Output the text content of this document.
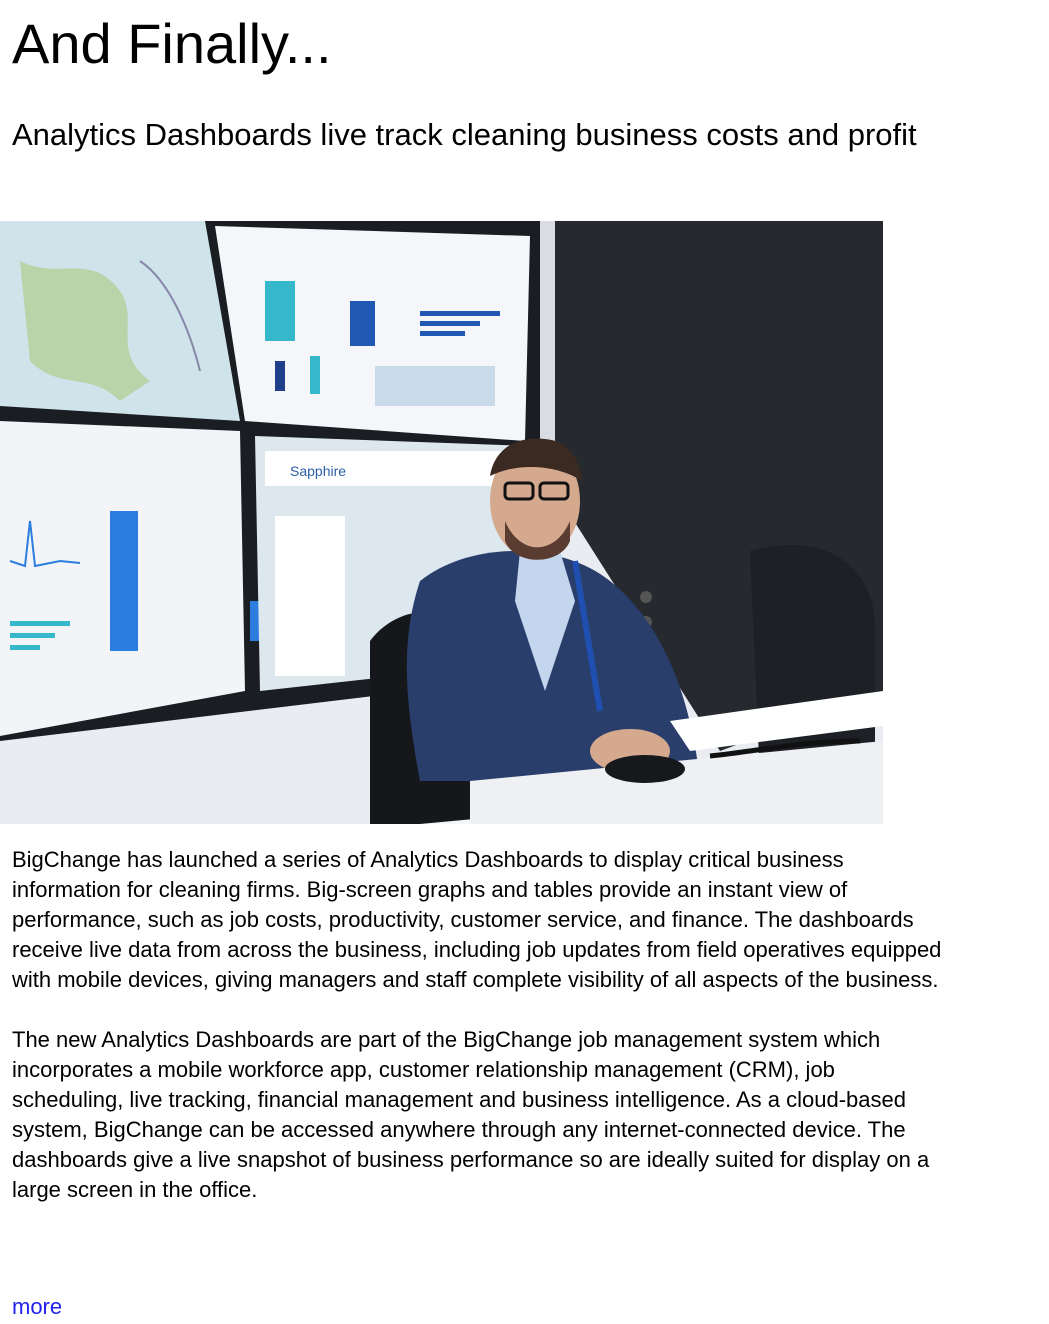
And Finally...
Analytics Dashboards live track cleaning business costs and profit
Sapphire

BigChange has launched a series of Analytics Dashboards to display critical business information for cleaning firms. Big-screen graphs and tables provide an instant view of performance, such as job costs, productivity, customer service, and finance. The dashboards receive live data from across the business, including job updates from field operatives equipped with mobile devices, giving managers and staff complete visibility of all aspects of the business.

The new Analytics Dashboards are part of the BigChange job management system which incorporates a mobile workforce app, customer relationship management (CRM), job scheduling, live tracking, financial management and business intelligence. As a cloud-based system, BigChange can be accessed anywhere through any internet-connected device. The dashboards give a live snapshot of business performance so are ideally suited for display on a large screen in the office.

more
